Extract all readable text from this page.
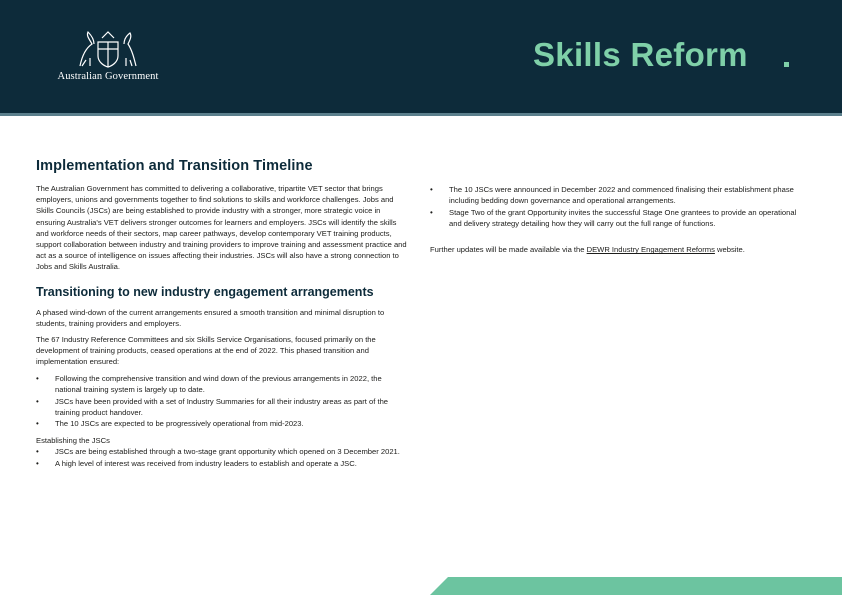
Australian Government
Skills Reform
Implementation and Transition Timeline

The Australian Government has committed to delivering a collaborative, tripartite VET sector that brings employers, unions and governments together to find solutions to skills and workforce challenges. Jobs and Skills Councils (JSCs) are being established to provide industry with a stronger, more strategic voice in ensuring Australia's VET delivers stronger outcomes for learners and employers. JSCs will identify the skills and workforce needs of their sectors, map career pathways, develop contemporary VET training products, support collaboration between industry and training providers to improve training and assessment practice and act as a source of intelligence on issues affecting their industries. JSCs will also have a strong connection to Jobs and Skills Australia.

Transitioning to new industry engagement arrangements

A phased wind-down of the current arrangements ensured a smooth transition and minimal disruption to students, training providers and employers.

The 67 Industry Reference Committees and six Skills Service Organisations, focused primarily on the development of training products, ceased operations at the end of 2022. This phased transition and implementation ensured:

• Following the comprehensive transition and wind down of the previous arrangements in 2022, the national training system is largely up to date.
• JSCs have been provided with a set of Industry Summaries for all their industry areas as part of the training product handover.
• The 10 JSCs are expected to be progressively operational from mid-2023.

Establishing the JSCs

• JSCs are being established through a two-stage grant opportunity which opened on 3 December 2021.
• A high level of interest was received from industry leaders to establish and operate a JSC.
• The 10 JSCs were announced in December 2022 and commenced finalising their establishment phase including bedding down governance and operational arrangements.
• Stage Two of the grant Opportunity invites the successful Stage One grantees to provide an operational and delivery strategy detailing how they will carry out the full range of functions.

Further updates will be made available via the DEWR Industry Engagement Reforms website.
